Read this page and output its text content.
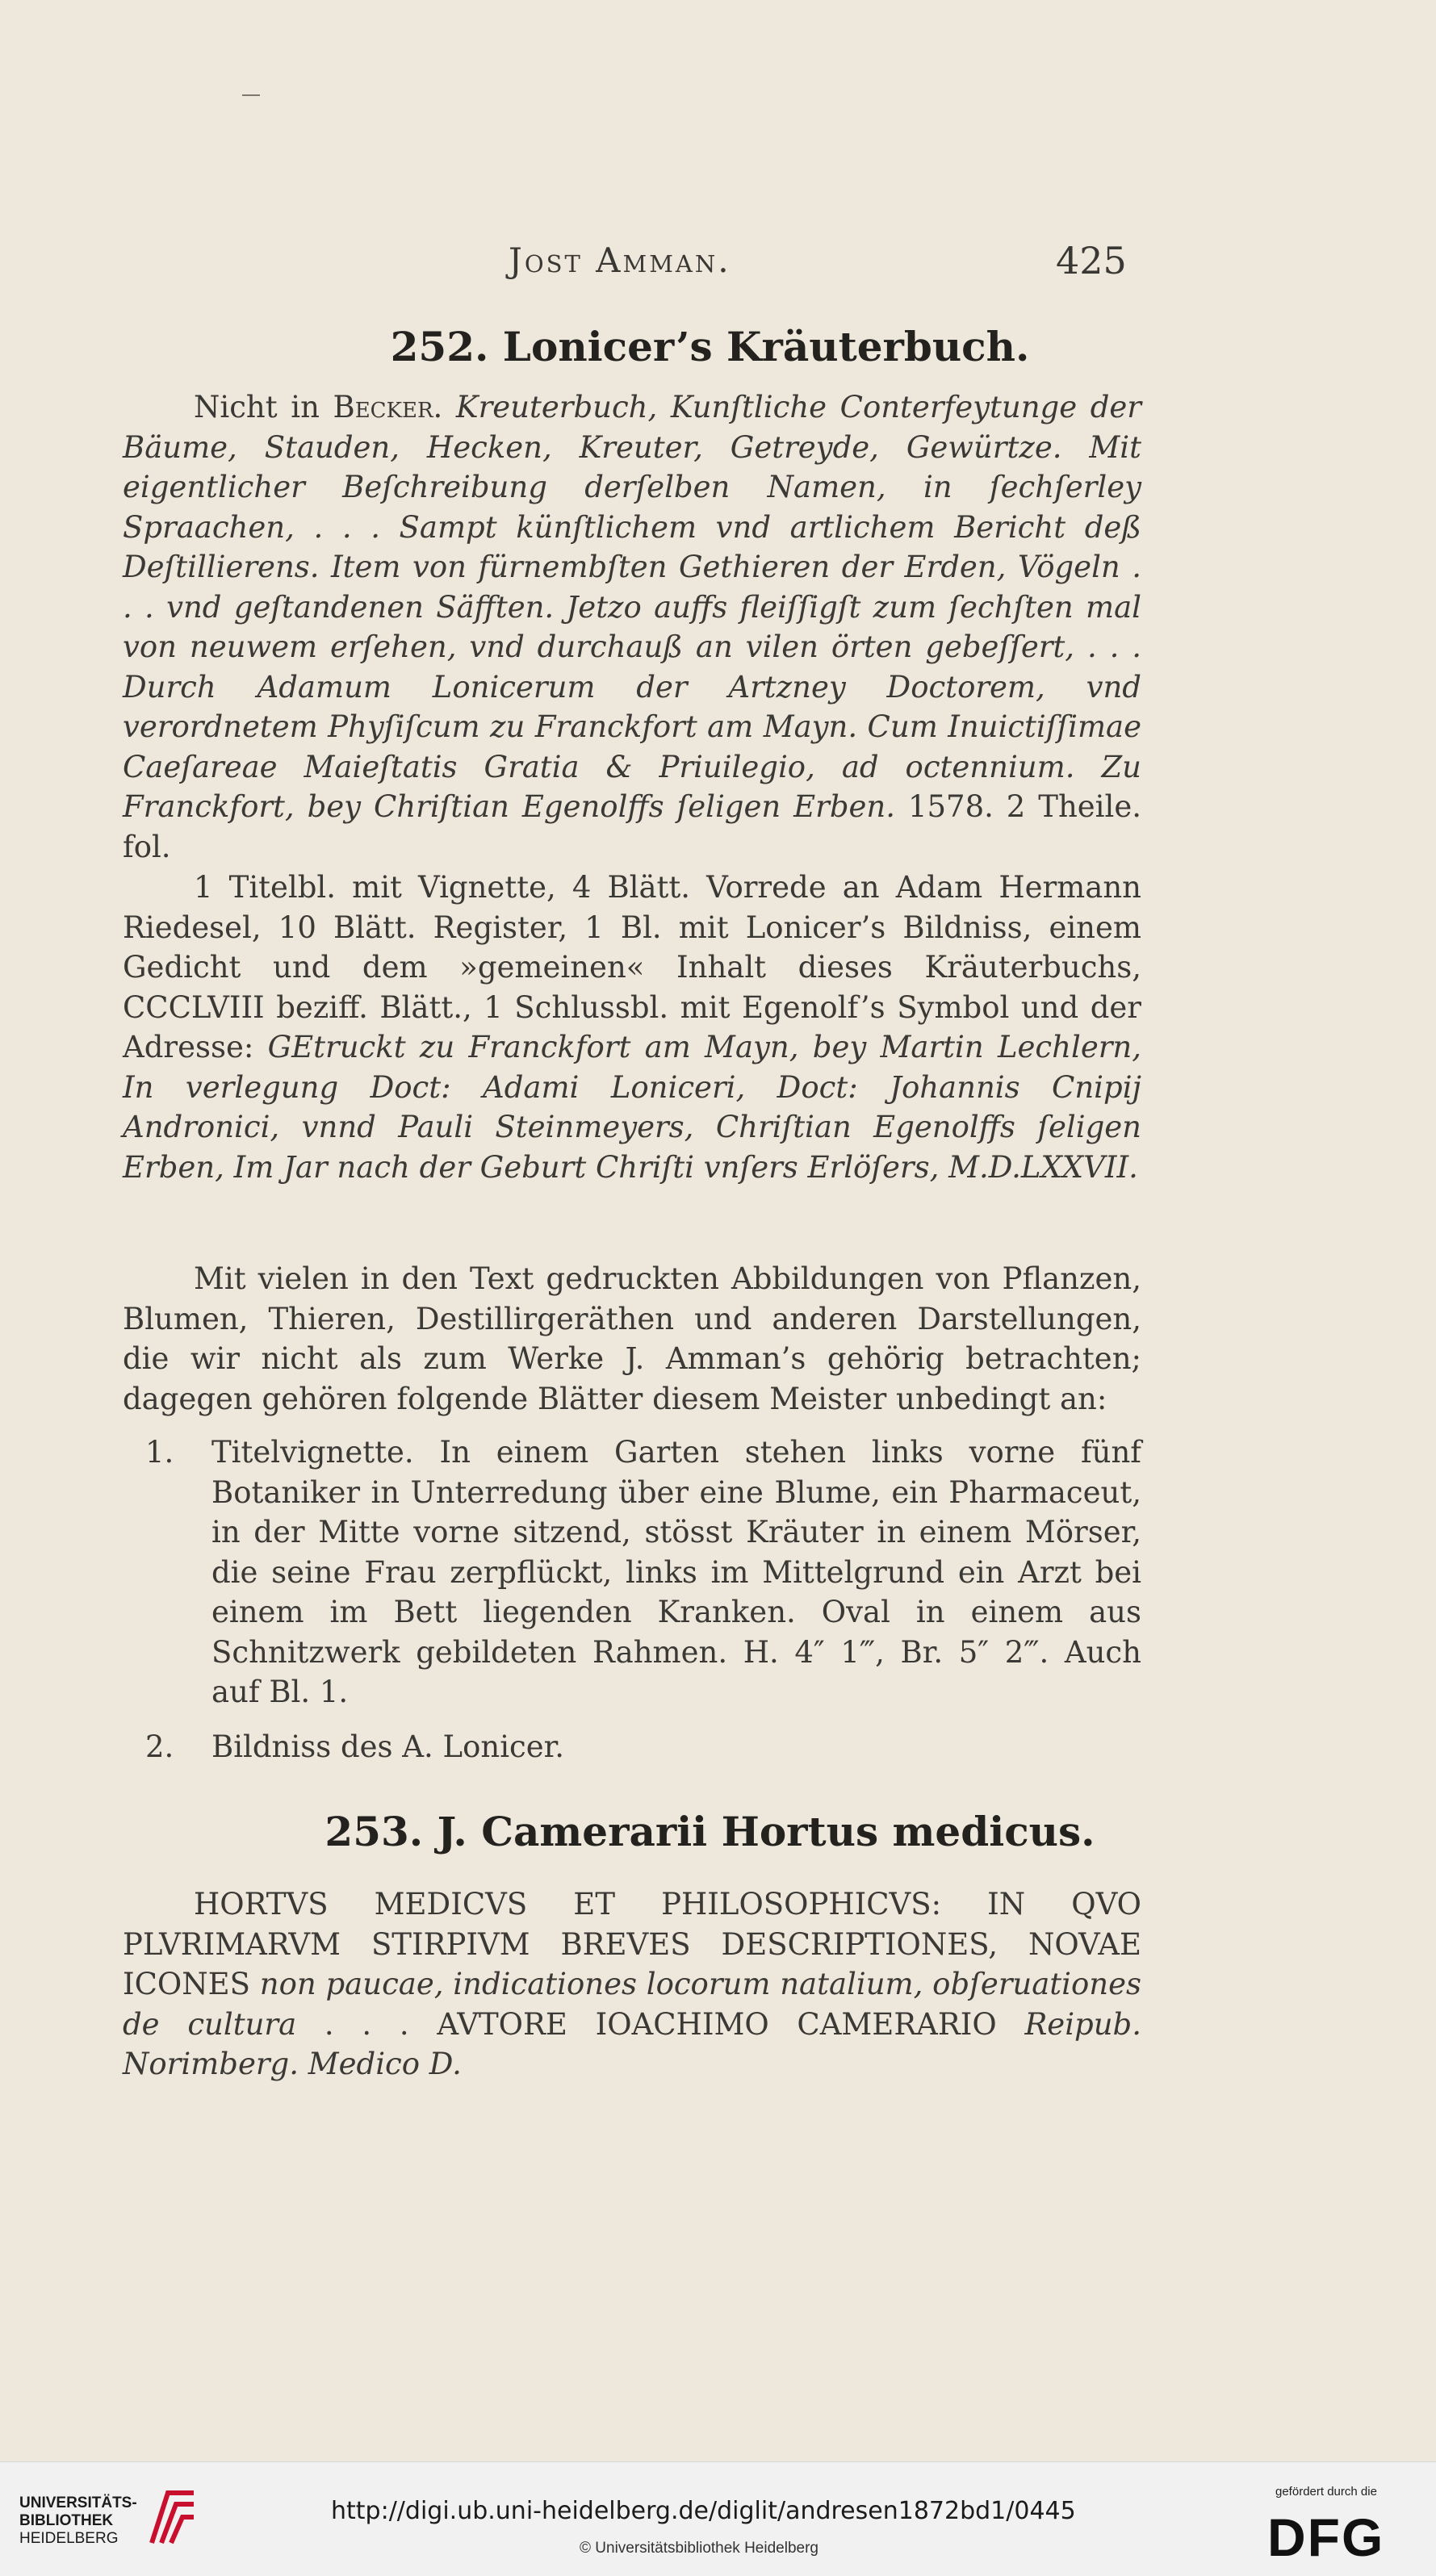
Jost Amman.	425
252. Lonicer’s Kräuterbuch.
Nicht in Becker. Kreuterbuch, Kunſtliche Conterfeytunge der Bäume, Stauden, Hecken, Kreuter, Getreyde, Gewürtze. Mit eigentlicher Beſchreibung derſelben Namen, in ſechſerley Spraachen, . . . Sampt künſtlichem vnd artlichem Bericht deß Deſtillierens. Item von fürnembſten Gethieren der Erden, Vögeln . . . vnd geſtandenen Säfften. Jetzo auffs fleiſſigſt zum ſechſten mal von neuwem erſehen, vnd durchauß an vilen örten gebeſſert, . . . Durch Adamum Lonicerum der Artzney Doctorem, vnd verordnetem Phyſiſcum zu Franckfort am Mayn. Cum Inuictiſſimae Caeſareae Maieſtatis Gratia & Priuilegio, ad octennium. Zu Franckfort, bey Chriſtian Egenolffs ſeligen Erben. 1578. 2 Theile. fol.
1 Titelbl. mit Vignette, 4 Blätt. Vorrede an Adam Hermann Riedesel, 10 Blätt. Register, 1 Bl. mit Lonicer’s Bildniss, einem Gedicht und dem »gemeinen« Inhalt dieses Kräuterbuchs, CCCLVIII beziff. Blätt., 1 Schlussbl. mit Egenolf’s Symbol und der Adresse: GEtruckt zu Franckfort am Mayn, bey Martin Lechlern, In verlegung Doct: Adami Loniceri, Doct: Johannis Cnipij Andronici, vnnd Pauli Steinmeyers, Chriſtian Egenolffs ſeligen Erben, Im Jar nach der Geburt Chriſti vnſers Erlöſers, M.D.LXXVII.
Mit vielen in den Text gedruckten Abbildungen von Pflanzen, Blumen, Thieren, Destillirgeräthen und anderen Darstellungen, die wir nicht als zum Werke J. Amman’s gehörig betrachten; dagegen gehören folgende Blätter diesem Meister unbedingt an:
1. Titelvignette. In einem Garten stehen links vorne fünf Botaniker in Unterredung über eine Blume, ein Pharmaceut, in der Mitte vorne sitzend, stösst Kräuter in einem Mörser, die seine Frau zerpflückt, links im Mittelgrund ein Arzt bei einem im Bett liegenden Kranken. Oval in einem aus Schnitzwerk gebildeten Rahmen. H. 4″ 1‴, Br. 5″ 2‴. Auch auf Bl. 1.
2. Bildniss des A. Lonicer.
253. J. Camerarii Hortus medicus.
HORTVS MEDICVS ET PHILOSOPHICVS: IN QVO PLVRIMARVM STIRPIVM BREVES DESCRIPTIONES, NOVAE ICONES non paucae, indicationes locorum natalium, obſeruationes de cultura . . . AVTORE IOACHIMO CAMERARIO Reipub. Norimberg. Medico D.
UNIVERSITÄTS-
BIBLIOTHEK
HEIDELBERG
http://digi.ub.uni-heidelberg.de/diglit/andresen1872bd1/0445
© Universitätsbibliothek Heidelberg
gefördert durch die
DFG
